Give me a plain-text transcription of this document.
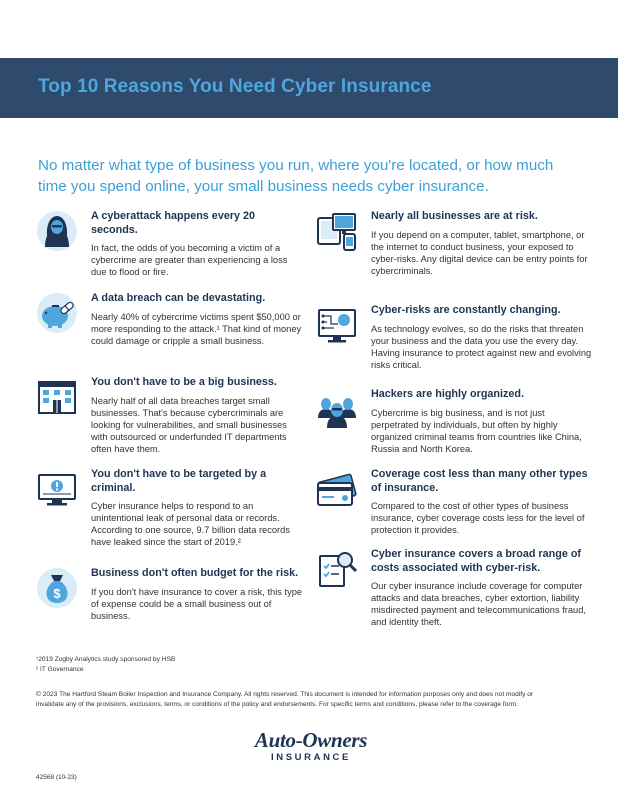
Top 10 Reasons You Need Cyber Insurance

No matter what type of business you run, where you're located, or how much time you spend online, your small business needs cyber insurance.

A cyberattack happens every 20 seconds.

In fact, the odds of you becoming a victim of a cybercrime are greater than experiencing a loss due to flood or fire.

A data breach can be devastating.

Nearly 40% of cybercrime victims spent $50,000 or more responding to the attack.¹ That kind of money could damage or cripple a small business.

You don't have to be a big business.

Nearly half of all data breaches target small businesses. That's because cybercriminals are looking for vulnerabilities, and small businesses with outsourced or underfunded IT departments often have them.

You don't have to be targeted by a criminal.

Cyber insurance helps to respond to an unintentional leak of personal data or records. According to one source, 9.7 billion data records have leaked since the start of 2019.²

$
Business don't often budget for the risk.

If you don't have insurance to cover a risk, this type of expense could be a small business out of business.

Nearly all businesses are at risk.

If you depend on a computer, tablet, smartphone, or the internet to conduct business, your exposed to cyber-risks. Any digital device can be entry points for cybercriminals.

Cyber-risks are constantly changing.

As technology evolves, so do the risks that threaten your business and the data you use the every day. Having insurance to protect against new and evolving risks critical.

Hackers are highly organized.

Cybercrime is big business, and is not just perpetrated by individuals, but often by highly organized criminal teams from countries like China, Russia and North Korea.

Coverage cost less than many other types of insurance.

Compared to the cost of other types of business insurance, cyber coverage costs less for the level of protection it provides.

Cyber insurance covers a broad range of costs associated with cyber-risk.

Our cyber insurance include coverage for computer attacks and data breaches, cyber extortion, liability misdirected payment and telecommunications fraud, and identity theft.

¹2019 Zogby Analytics study sponsored by HSB
² IT Governance
© 2023 The Hartford Steam Boiler Inspection and Insurance Company. All rights reserved. This document is intended for information purposes only and does not modify or invalidate any of the provisions, exclusions, terms, or conditions of the policy and endorsements. For specific terms and conditions, please refer to the coverage form.
Auto-Owners
INSURANCE
42568 (10-23)
